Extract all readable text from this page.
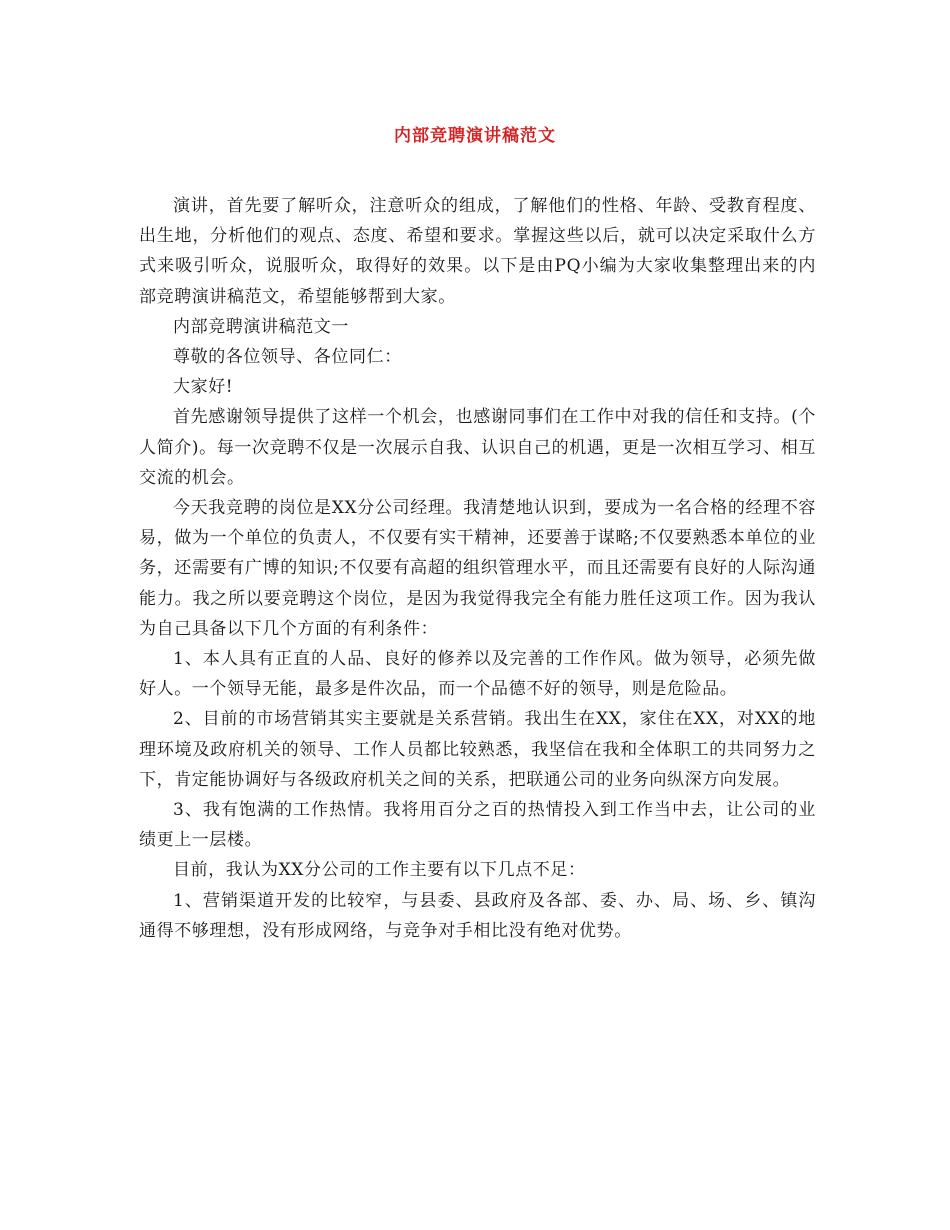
内部竞聘演讲稿范文

演讲，首先要了解听众，注意听众的组成，了解他们的性格、年龄、受教育程度、出生地，分析他们的观点、态度、希望和要求。掌握这些以后，就可以决定采取什么方式来吸引听众，说服听众，取得好的效果。以下是由PQ小编为大家收集整理出来的内部竞聘演讲稿范文，希望能够帮到大家。

内部竞聘演讲稿范文一

尊敬的各位领导、各位同仁：

大家好!

首先感谢领导提供了这样一个机会，也感谢同事们在工作中对我的信任和支持。(个人简介)。每一次竞聘不仅是一次展示自我、认识自己的机遇，更是一次相互学习、相互交流的机会。

今天我竞聘的岗位是XX分公司经理。我清楚地认识到，要成为一名合格的经理不容易，做为一个单位的负责人，不仅要有实干精神，还要善于谋略;不仅要熟悉本单位的业务，还需要有广博的知识;不仅要有高超的组织管理水平，而且还需要有良好的人际沟通能力。我之所以要竞聘这个岗位，是因为我觉得我完全有能力胜任这项工作。因为我认为自己具备以下几个方面的有利条件：

1、本人具有正直的人品、良好的修养以及完善的工作作风。做为领导，必须先做好人。一个领导无能，最多是件次品，而一个品德不好的领导，则是危险品。

2、目前的市场营销其实主要就是关系营销。我出生在XX，家住在XX，对XX的地理环境及政府机关的领导、工作人员都比较熟悉，我坚信在我和全体职工的共同努力之下，肯定能协调好与各级政府机关之间的关系，把联通公司的业务向纵深方向发展。

3、我有饱满的工作热情。我将用百分之百的热情投入到工作当中去，让公司的业绩更上一层楼。

目前，我认为XX分公司的工作主要有以下几点不足：

1、营销渠道开发的比较窄，与县委、县政府及各部、委、办、局、场、乡、镇沟通得不够理想，没有形成网络，与竞争对手相比没有绝对优势。
